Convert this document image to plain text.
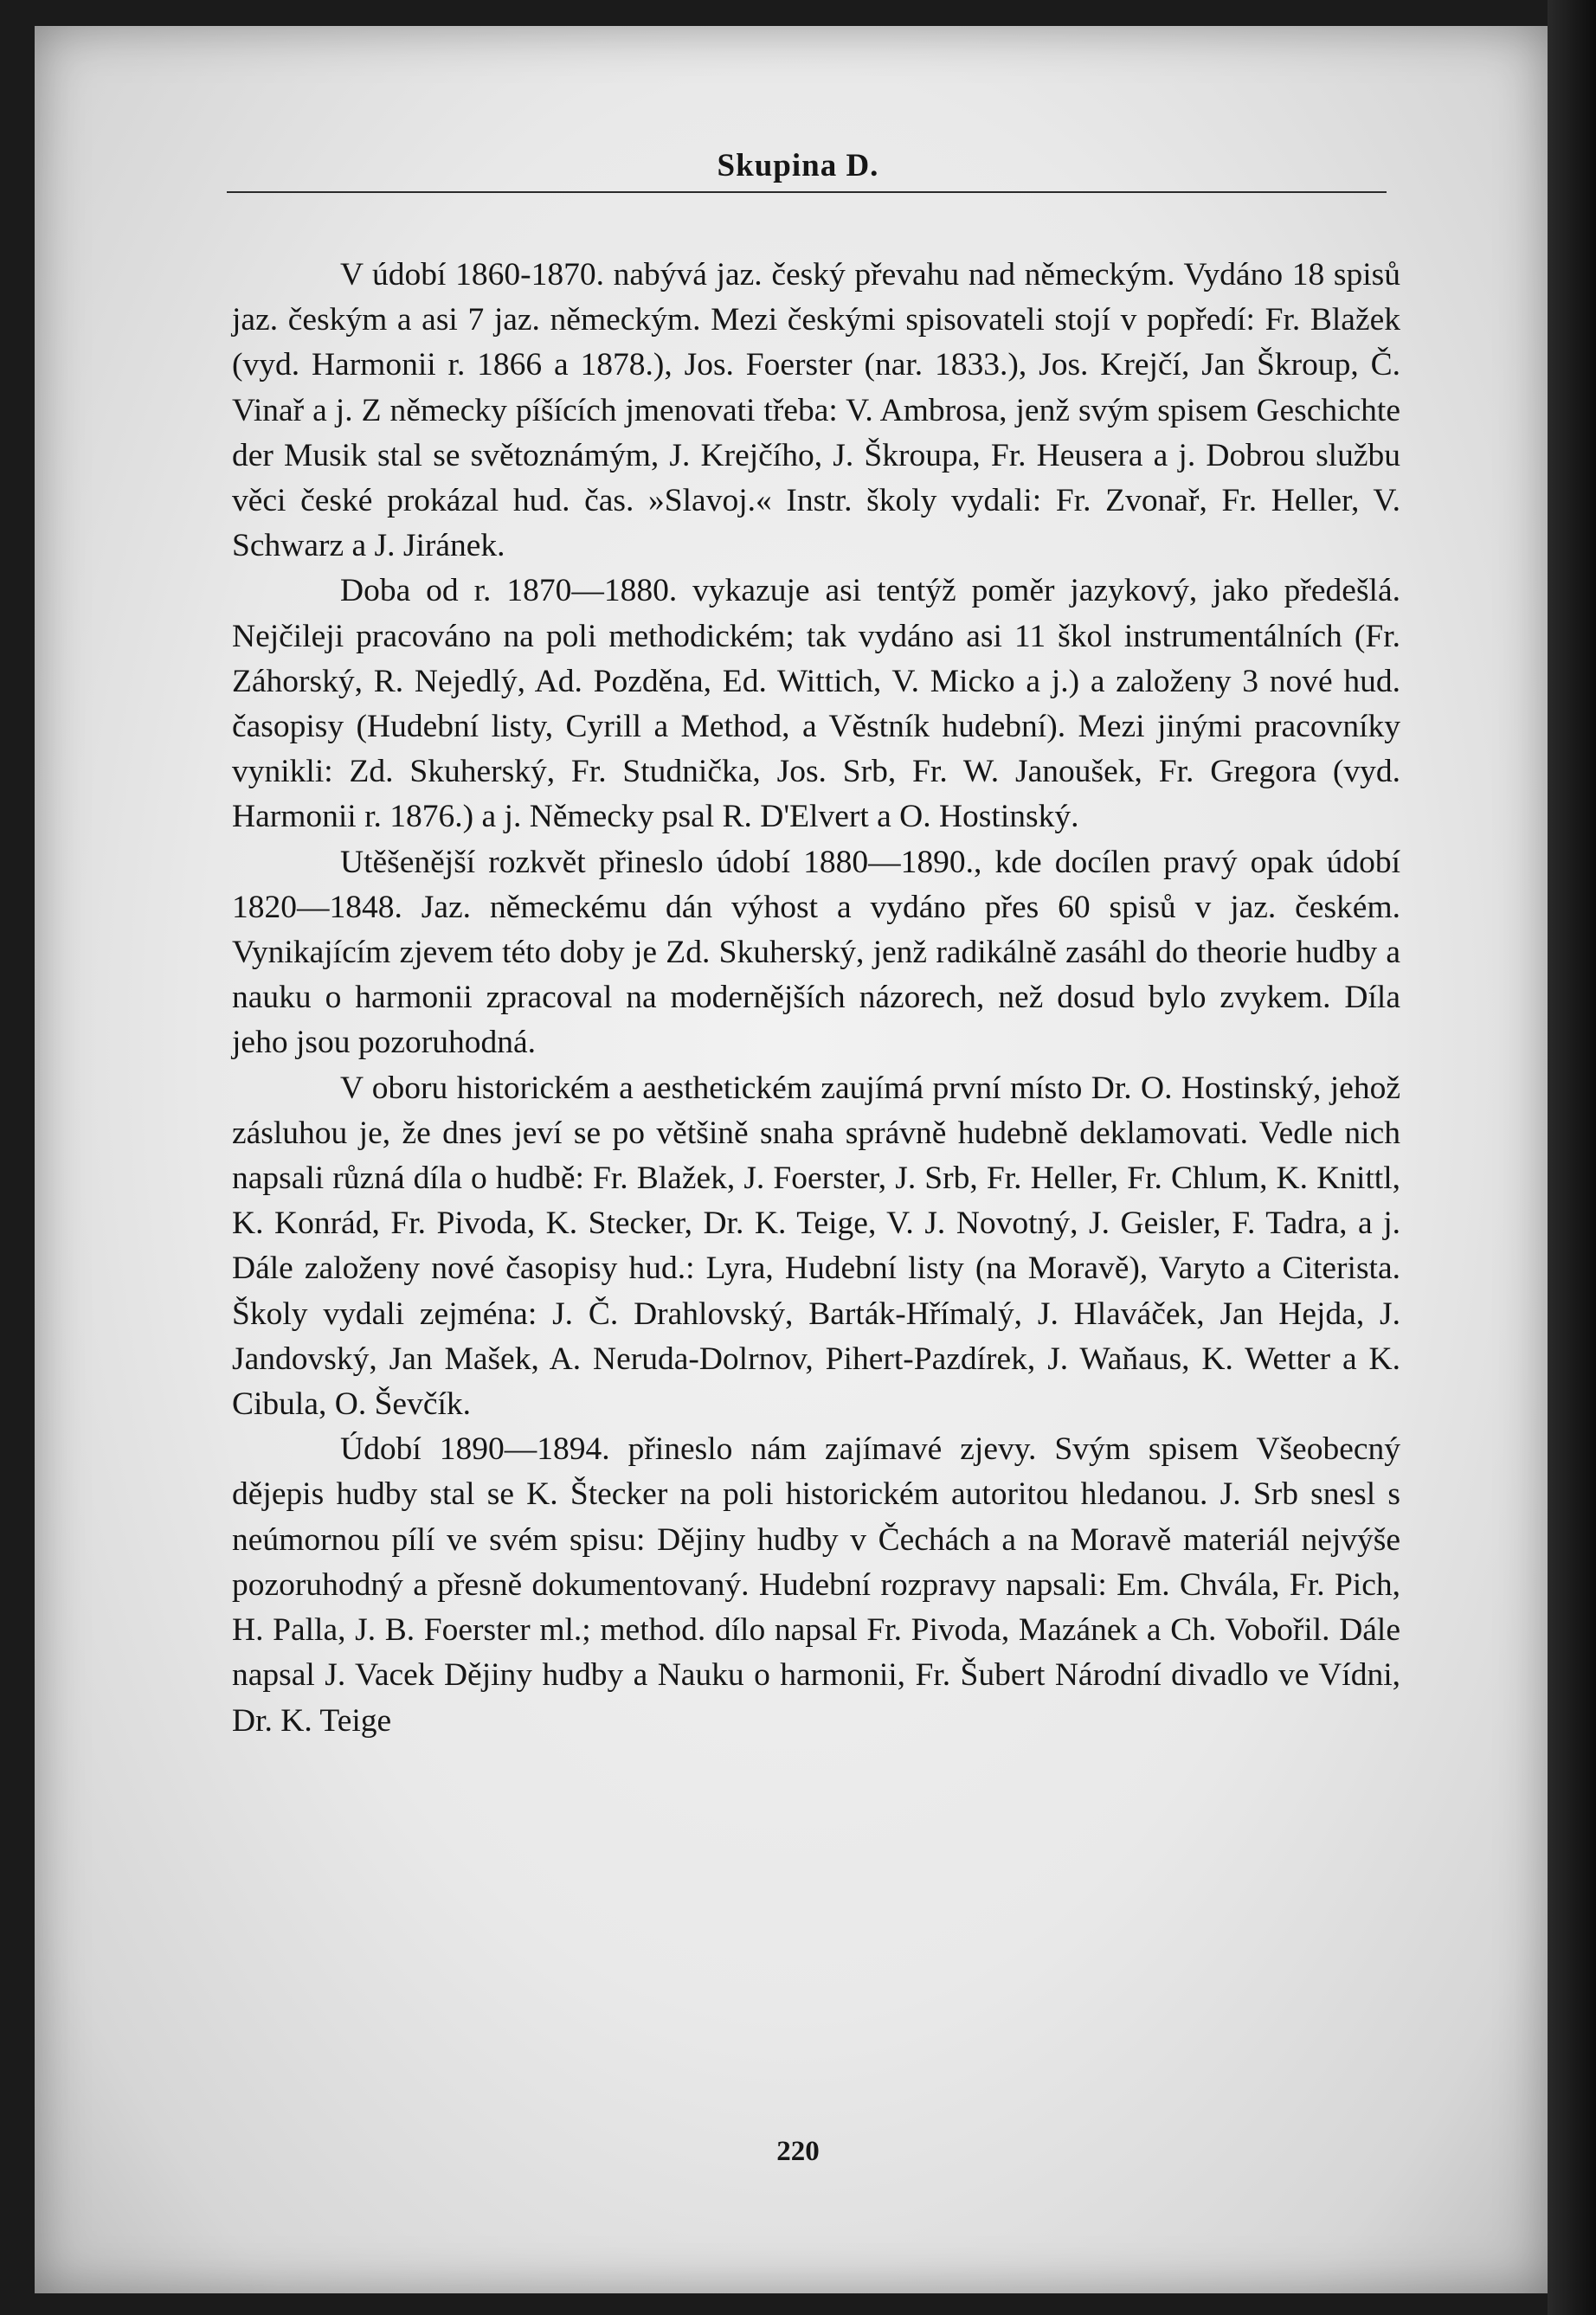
Skupina D.

V údobí 1860-1870. nabývá jaz. český převahu nad německým. Vydáno 18 spisů jaz. českým a asi 7 jaz. německým. Mezi českými spisovateli stojí v popředí: Fr. Blažek (vyd. Harmonii r. 1866 a 1878.), Jos. Foerster (nar. 1833.), Jos. Krejčí, Jan Škroup, Č. Vinař a j. Z německy píšících jmenovati třeba: V. Ambrosa, jenž svým spisem Geschichte der Musik stal se světoznámým, J. Krejčího, J. Škroupa, Fr. Heusera a j. Dobrou službu věci české prokázal hud. čas. »Slavoj.« Instr. školy vydali: Fr. Zvonař, Fr. Heller, V. Schwarz a J. Jiránek.

Doba od r. 1870—1880. vykazuje asi tentýž poměr jazykový, jako předešlá. Nejčileji pracováno na poli methodickém; tak vydáno asi 11 škol instrumentálních (Fr. Záhorský, R. Nejedlý, Ad. Pozděna, Ed. Wittich, V. Micko a j.) a založeny 3 nové hud. časopisy (Hudební listy, Cyrill a Method, a Věstník hudební). Mezi jinými pracovníky vynikli: Zd. Skuherský, Fr. Studnička, Jos. Srb, Fr. W. Janoušek, Fr. Gregora (vyd. Harmonii r. 1876.) a j. Německy psal R. D'Elvert a O. Hostinský.

Utěšenější rozkvět přineslo údobí 1880—1890., kde docílen pravý opak údobí 1820—1848. Jaz. německému dán výhost a vydáno přes 60 spisů v jaz. českém. Vynikajícím zjevem této doby je Zd. Skuherský, jenž radikálně zasáhl do theorie hudby a nauku o harmonii zpracoval na modernějších názorech, než dosud bylo zvykem. Díla jeho jsou pozoruhodná.

V oboru historickém a aesthetickém zaujímá první místo Dr. O. Hostinský, jehož zásluhou je, že dnes jeví se po většině snaha správně hudebně deklamovati. Vedle nich napsali různá díla o hudbě: Fr. Blažek, J. Foerster, J. Srb, Fr. Heller, Fr. Chlum, K. Knittl, K. Konrád, Fr. Pivoda, K. Stecker, Dr. K. Teige, V. J. Novotný, J. Geisler, F. Tadra, a j. Dále založeny nové časopisy hud.: Lyra, Hudební listy (na Moravě), Varyto a Citerista. Školy vydali zejména: J. Č. Drahlovský, Barták-Hřímalý, J. Hlaváček, Jan Hejda, J. Jandovský, Jan Mašek, A. Neruda-Dolrnov, Pihert-Pazdírek, J. Waňaus, K. Wetter a K. Cibula, O. Ševčík.

Údobí 1890—1894. přineslo nám zajímavé zjevy. Svým spisem Všeobecný dějepis hudby stal se K. Štecker na poli historickém autoritou hledanou. J. Srb snesl s neúmornou pílí ve svém spisu: Dějiny hudby v Čechách a na Moravě materiál nejvýše pozoruhodný a přesně dokumentovaný. Hudební rozpravy napsali: Em. Chvála, Fr. Pich, H. Palla, J. B. Foerster ml.; method. dílo napsal Fr. Pivoda, Mazánek a Ch. Vobořil. Dále napsal J. Vacek Dějiny hudby a Nauku o harmonii, Fr. Šubert Národní divadlo ve Vídni, Dr. K. Teige

220
